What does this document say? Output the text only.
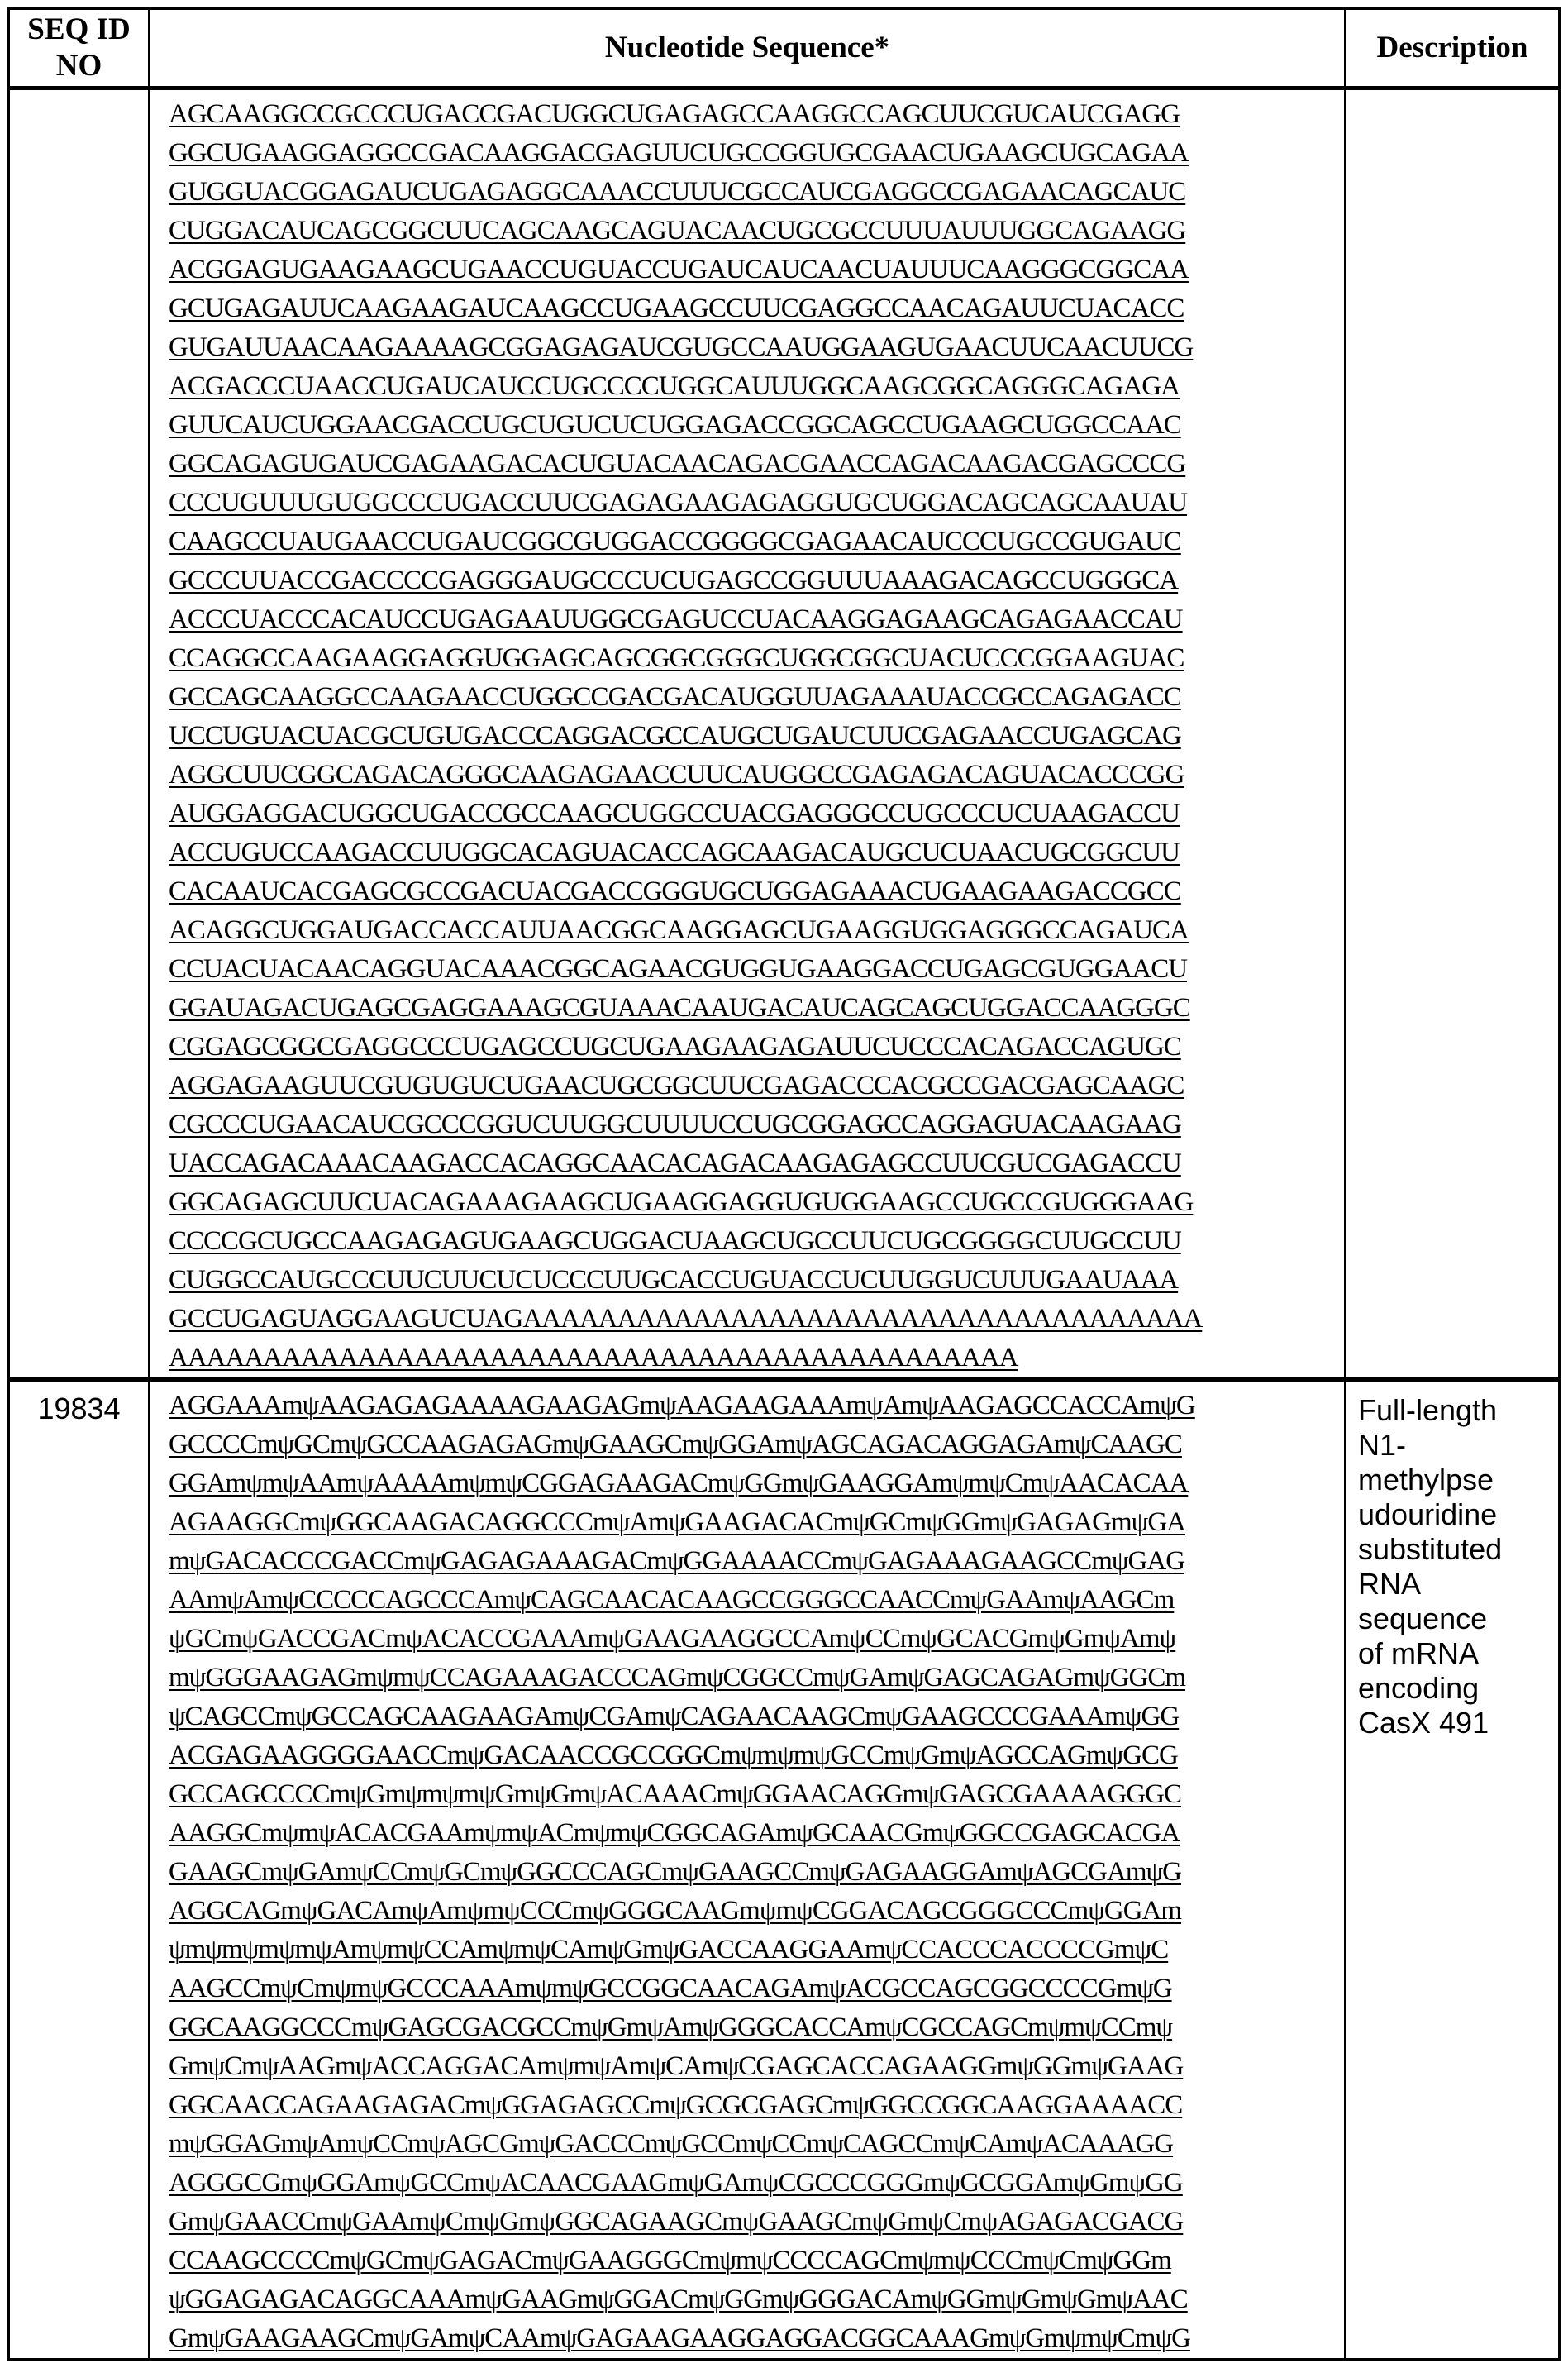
SEQ ID NO
Nucleotide Sequence*	Description
AGCAAGGCCGCCCUGACCGACUGGCUGAGAGCCAAGGCCAGCUUCGUCAUCGAGG
GGCUGAAGGAGGCCGACAAGGACGAGUUCUGCCGGUGCGAACUGAAGCUGCAGAA
GUGGUACGGAGAUCUGAGAGGCAAACCUUUCGCCAUCGAGGCCGAGAACAGCAUC
CUGGACAUCAGCGGCUUCAGCAAGCAGUACAACUGCGCCUUUAUUUGGCAGAAGG
ACGGAGUGAAGAAGCUGAACCUGUACCUGAUCAUCAACUAUUUCAAGGGCGGCAA
GCUGAGAUUCAAGAAGAUCAAGCCUGAAGCCUUCGAGGCCAACAGAUUCUACACC
GUGAUUAACAAGAAAAGCGGAGAGAUCGUGCCAAUGGAAGUGAACUUCAACUUCG
ACGACCCUAACCUGAUCAUCCUGCCCCUGGCAUUUGGCAAGCGGCAGGGCAGAGA
GUUCAUCUGGAACGACCUGCUGUCUCUGGAGACCGGCAGCCUGAAGCUGGCCAAC
GGCAGAGUGAUCGAGAAGACACUGUACAACAGACGAACCAGACAAGACGAGCCCG
CCCUGUUUGUGGCCCUGACCUUCGAGAGAAGAGAGGUGCUGGACAGCAGCAAUAU
CAAGCCUAUGAACCUGAUCGGCGUGGACCGGGGCGAGAACAUCCCUGCCGUGAUC
GCCCUUACCGACCCCGAGGGAUGCCCUCUGAGCCGGUUUAAAGACAGCCUGGGCA
ACCCUACCCACAUCCUGAGAAUUGGCGAGUCCUACAAGGAGAAGCAGAGAACCAU
CCAGGCCAAGAAGGAGGUGGAGCAGCGGCGGGCUGGCGGCUACUCCCGGAAGUAC
GCCAGCAAGGCCAAGAACCUGGCCGACGACAUGGUUAGAAAUACCGCCAGAGACC
UCCUGUACUACGCUGUGACCCAGGACGCCAUGCUGAUCUUCGAGAACCUGAGCAG
AGGCUUCGGCAGACAGGGCAAGAGAACCUUCAUGGCCGAGAGACAGUACACCCGG
AUGGAGGACUGGCUGACCGCCAAGCUGGCCUACGAGGGCCUGCCCUCUAAGACCU
ACCUGUCCAAGACCUUGGCACAGUACACCAGCAAGACAUGCUCUAACUGCGGCUU
CACAAUCACGAGCGCCGACUACGACCGGGUGCUGGAGAAACUGAAGAAGACCGCC
ACAGGCUGGAUGACCACCAUUAACGGCAAGGAGCUGAAGGUGGAGGGCCAGAUCA
CCUACUACAACAGGUACAAACGGCAGAACGUGGUGAAGGACCUGAGCGUGGAACU
GGAUAGACUGAGCGAGGAAAGCGUAAACAAUGACAUCAGCAGCUGGACCAAGGGC
CGGAGCGGCGAGGCCCUGAGCCUGCUGAAGAAGAGAUUCUCCCACAGACCAGUGC
AGGAGAAGUUCGUGUGUCUGAACUGCGGCUUCGAGACCCACGCCGACGAGCAAGC
CGCCCUGAACAUCGCCCGGUCUUGGCUUUUCCUGCGGAGCCAGGAGUACAAGAAG
UACCAGACAAACAAGACCACAGGCAACACAGACAAGAGAGCCUUCGUCGAGACCU
GGCAGAGCUUCUACAGAAAGAAGCUGAAGGAGGUGUGGAAGCCUGCCGUGGGAAG
CCCCGCUGCCAAGAGAGUGAAGCUGGACUAAGCUGCCUUCUGCGGGGCUUGCCUU
CUGGCCAUGCCCUUCUUCUCUCCCUUGCACCUGUACCUCUUGGUCUUUGAAUAAA
GCCUGAGUAGGAAGUCUAGAAAAAAAAAAAAAAAAAAAAAAAAAAAAAAAAAAAA
AAAAAAAAAAAAAAAAAAAAAAAAAAAAAAAAAAAAAAAAAAAAA
19834	AGGAAAmψAAGAGAGAAAAGAAGAGmψAAGAAGAAAmψAmψAAGAGCCACCAmψG
GCCCCmψGCmψGCCAAGAGAGmψGAAGCmψGGAmψAGCAGACAGGAGAmψCAAGC
GGAmψmψAAmψAAAAmψmψCGGAGAAGACmψGGmψGAAGGAmψmψCmψAACACAA
AGAAGGCmψGGCAAGACAGGCCCmψAmψGAAGACACmψGCmψGGmψGAGAGmψGA
mψGACACCCGACCmψGAGAGAAAGACmψGGAAAACCmψGAGAAAGAAGCCmψGAG
AAmψAmψCCCCCAGCCCAmψCAGCAACACAAGCCGGGCCAACCmψGAAmψAAGCm
ψGCmψGACCGACmψACACCGAAAmψGAAGAAGGCCAmψCCmψGCACGmψGmψAmψ
mψGGGAAGAGmψmψCCAGAAAGACCCAGmψCGGCCmψGAmψGAGCAGAGmψGGCm
ψCAGCCmψGCCAGCAAGAAGAmψCGAmψCAGAACAAGCmψGAAGCCCGAAAmψGG
ACGAGAAGGGGAACCmψGACAACCGCCGGCmψmψmψGCCmψGmψAGCCAGmψGCG
GCCAGCCCCmψGmψmψmψGmψGmψACAAACmψGGAACAGGmψGAGCGAAAAGGGC
AAGGCmψmψACACGAAmψmψACmψmψCGGCAGAmψGCAACGmψGGCCGAGCACGA
GAAGCmψGAmψCCmψGCmψGGCCCAGCmψGAAGCCmψGAGAAGGAmψAGCGAmψG
AGGCAGmψGACAmψAmψmψCCCmψGGGCAAGmψmψCGGACAGCGGGCCCmψGGAm
ψmψmψmψmψAmψmψCCAmψmψCAmψGmψGACCAAGGAAmψCCACCCACCCCGmψC
AAGCCmψCmψmψGCCCAAAmψmψGCCGGCAACAGAmψACGCCAGCGGCCCCGmψG
GGCAAGGCCCmψGAGCGACGCCmψGmψAmψGGGCACCAmψCGCCAGCmψmψCCmψ
GmψCmψAAGmψACCAGGACAmψmψAmψCAmψCGAGCACCAGAAGGmψGGmψGAAG
GGCAACCAGAAGAGACmψGGAGAGCCmψGCGCGAGCmψGGCCGGCAAGGAAAACC
mψGGAGmψAmψCCmψAGCGmψGACCCmψGCCmψCCmψCAGCCmψCAmψACAAAGG
AGGGCGmψGGAmψGCCmψACAACGAAGmψGAmψCGCCCGGGmψGCGGAmψGmψGG
GmψGAACCmψGAAmψCmψGmψGGCAGAAGCmψGAAGCmψGmψCmψAGAGACGACG
CCAAGCCCCmψGCmψGAGACmψGAAGGGCmψmψCCCCAGCmψmψCCCmψCmψGGm
ψGGAGAGACAGGCAAAmψGAAGmψGGACmψGGmψGGGACAmψGGmψGmψGmψAAC
GmψGAAGAAGCmψGAmψCAAmψGAGAAGAAGGAGGACGGCAAAGmψGmψmψCmψG
Full-length
N1-
methylpse
udouridine
substituted
RNA
sequence
of mRNA
encoding
CasX 491
